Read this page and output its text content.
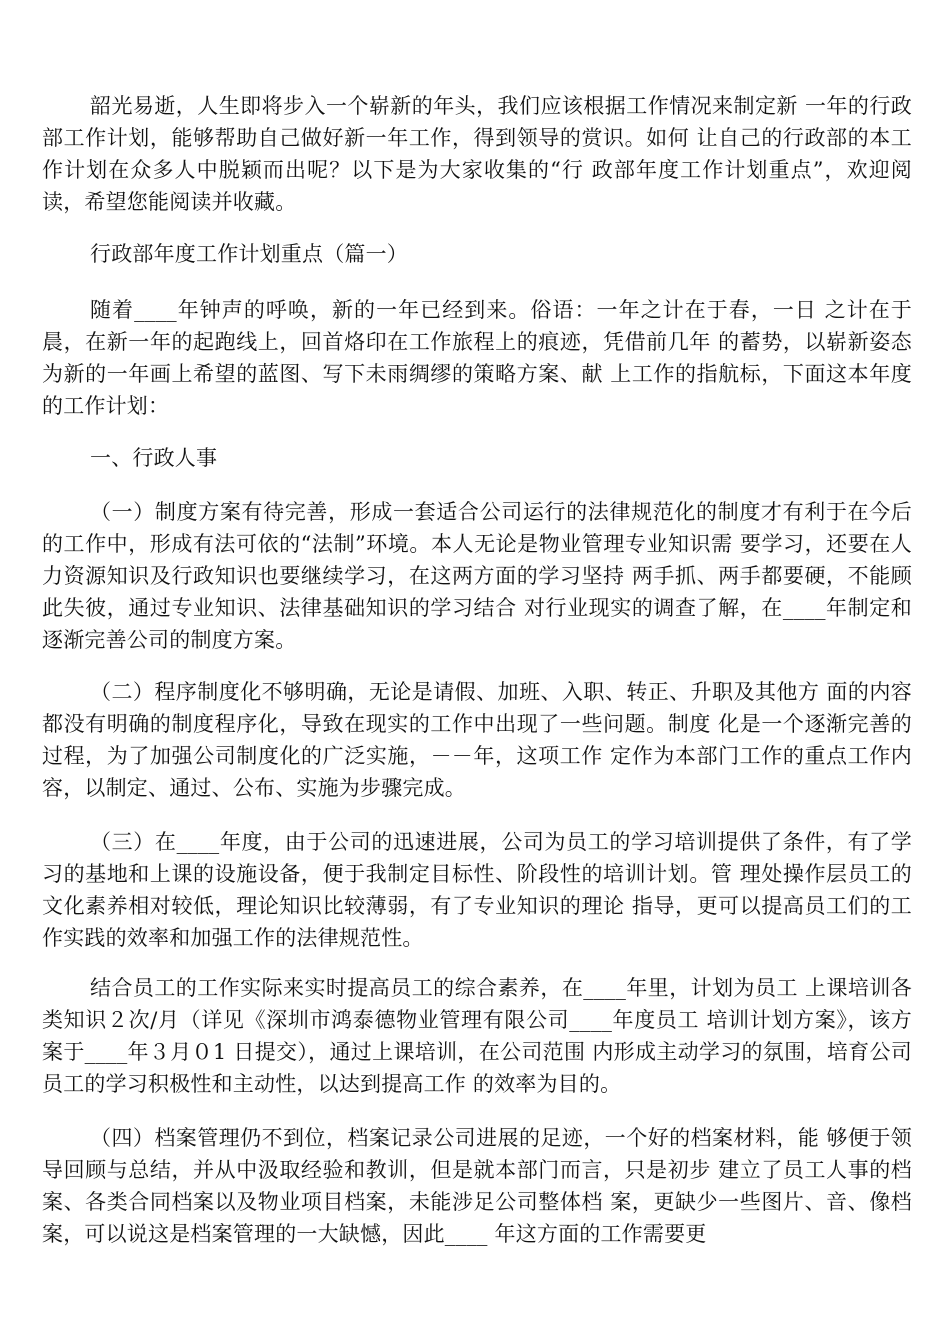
韶光易逝，人生即将步入一个崭新的年头，我们应该根据工作情况来制定新 一年的行政部工作计划，能够帮助自己做好新一年工作，得到领导的赏识。如何 让自己的行政部的本工作计划在众多人中脱颖而出呢？以下是为大家收集的“行 政部年度工作计划重点”，欢迎阅读，希望您能阅读并收藏。

行政部年度工作计划重点（篇一）

随着____年钟声的呼唤，新的一年已经到来。俗语：一年之计在于春，一日 之计在于晨，在新一年的起跑线上，回首烙印在工作旅程上的痕迹，凭借前几年 的蓄势，以崭新姿态为新的一年画上希望的蓝图、写下未雨绸缪的策略方案、献 上工作的指航标，下面这本年度的工作计划：

一、行政人事

（一）制度方案有待完善，形成一套适合公司运行的法律规范化的制度才有利于在今后的工作中，形成有法可依的“法制”环境。本人无论是物业管理专业知识需 要学习，还要在人力资源知识及行政知识也要继续学习，在这两方面的学习坚持 两手抓、两手都要硬，不能顾此失彼，通过专业知识、法律基础知识的学习结合 对行业现实的调查了解，在____年制定和逐渐完善公司的制度方案。

（二）程序制度化不够明确，无论是请假、加班、入职、转正、升职及其他方 面的内容都没有明确的制度程序化，导致在现实的工作中出现了一些问题。制度 化是一个逐渐完善的过程，为了加强公司制度化的广泛实施，－－年，这项工作 定作为本部门工作的重点工作内容，以制定、通过、公布、实施为步骤完成。

（三）在____年度，由于公司的迅速进展，公司为员工的学习培训提供了条件，有了学习的基地和上课的设施设备，便于我制定目标性、阶段性的培训计划。管 理处操作层员工的文化素养相对较低，理论知识比较薄弱，有了专业知识的理论 指导，更可以提高员工们的工作实践的效率和加强工作的法律规范性。

结合员工的工作实际来实时提高员工的综合素养，在____年里，计划为员工 上课培训各类知识２次/月（详见《深圳市鸿泰德物业管理有限公司____年度员工 培训计划方案》，该方案于____年３月０1 日提交），通过上课培训，在公司范围 内形成主动学习的氛围，培育公司员工的学习积极性和主动性，以达到提高工作 的效率为目的。

（四）档案管理仍不到位，档案记录公司进展的足迹，一个好的档案材料，能 够便于领导回顾与总结，并从中汲取经验和教训，但是就本部门而言，只是初步 建立了员工人事的档案、各类合同档案以及物业项目档案，未能涉足公司整体档 案，更缺少一些图片、音、像档案，可以说这是档案管理的一大缺憾，因此____ 年这方面的工作需要更
